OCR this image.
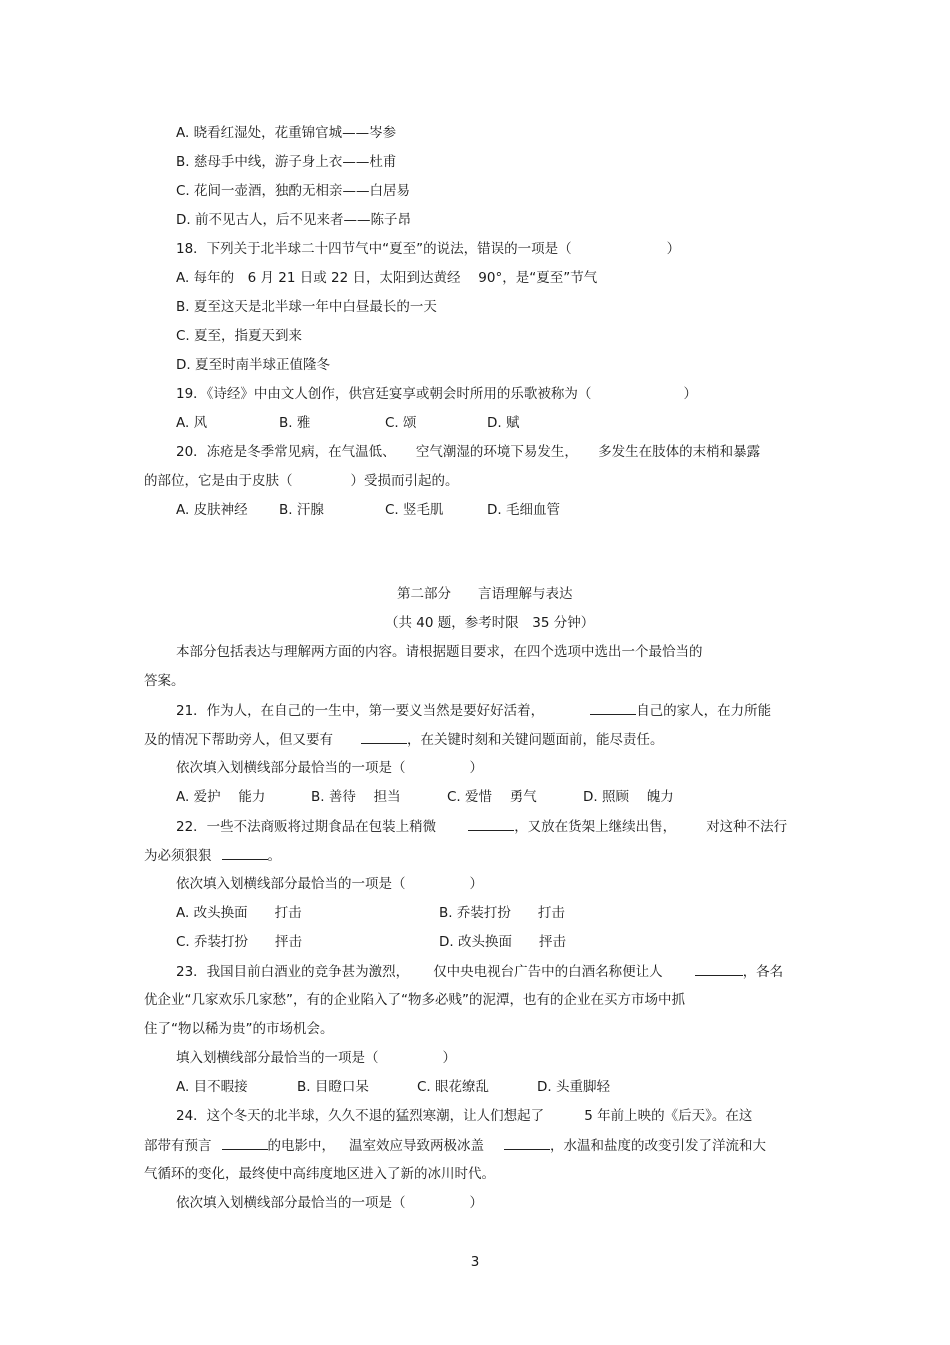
A. 晓看红湿处，花重锦官城——岑参
B. 慈母手中线，游子身上衣——杜甫
C. 花间一壶酒，独酌无相亲——白居易
D. 前不见古人，后不见来者——陈子昂
18．下列关于北半球二十四节气中“夏至”的说法，错误的一项是（	）
A. 每年的　6 月 21 日或 22 日，太阳到达黄经　 90°，是“夏至”节气
B. 夏至这天是北半球一年中白昼最长的一天
C. 夏至，指夏天到来
D. 夏至时南半球正值隆冬
19．《诗经》中由文人创作，供宫廷宴享或朝会时所用的乐歌被称为（	）
A. 风	B. 雅	C. 颂	D. 赋
20．冻疮是冬季常见病，在气温低、　　空气潮湿的环境下易发生，　　多发生在肢体的末梢和暴露
的部位，它是由于皮肤（	）受损而引起的。
A. 皮肤神经 B. 汗腺	C. 竖毛肌	D. 毛细血管
第二部分　　言语理解与表达
（共 40 题，参考时限　35 分钟）
本部分包括表达与理解两方面的内容。请根据题目要求，在四个选项中选出一个最恰当的
答案。
21．作为人，在自己的一生中，第一要义当然是要好好活着，	自己的家人，在力所能
及的情况下帮助旁人，但又要有	，在关键时刻和关键问题面前，能尽责任。
依次填入划横线部分最恰当的一项是（	）
A. 爱护　 能力	B. 善待　 担当	C. 爱惜　 勇气	D. 照顾　 魄力
22．一些不法商贩将过期食品在包装上稍微	，又放在货架上继续出售， 对这种不法行
为必须狠狠	。
依次填入划横线部分最恰当的一项是（	）
A. 改头换面　　打击	B. 乔装打扮　　打击
C. 乔装打扮　　抨击	D. 改头换面　　抨击
23．我国目前白酒业的竞争甚为激烈， 仅中央电视台广告中的白酒名称便让人	，各名
优企业“几家欢乐几家愁”，有的企业陷入了“物多必贱”的泥潭，也有的企业在买方市场中抓
住了“物以稀为贵”的市场机会。
填入划横线部分最恰当的一项是（	）
A. 目不暇接	B. 目瞪口呆	C. 眼花缭乱	D. 头重脚轻
24．这个冬天的北半球，久久不退的猛烈寒潮，让人们想起了	5 年前上映的《后天》。在这
部带有预言	的电影中， 温室效应导致两极冰盖	，水温和盐度的改变引发了洋流和大
气循环的变化，最终使中高纬度地区进入了新的冰川时代。
依次填入划横线部分最恰当的一项是（	）
3
